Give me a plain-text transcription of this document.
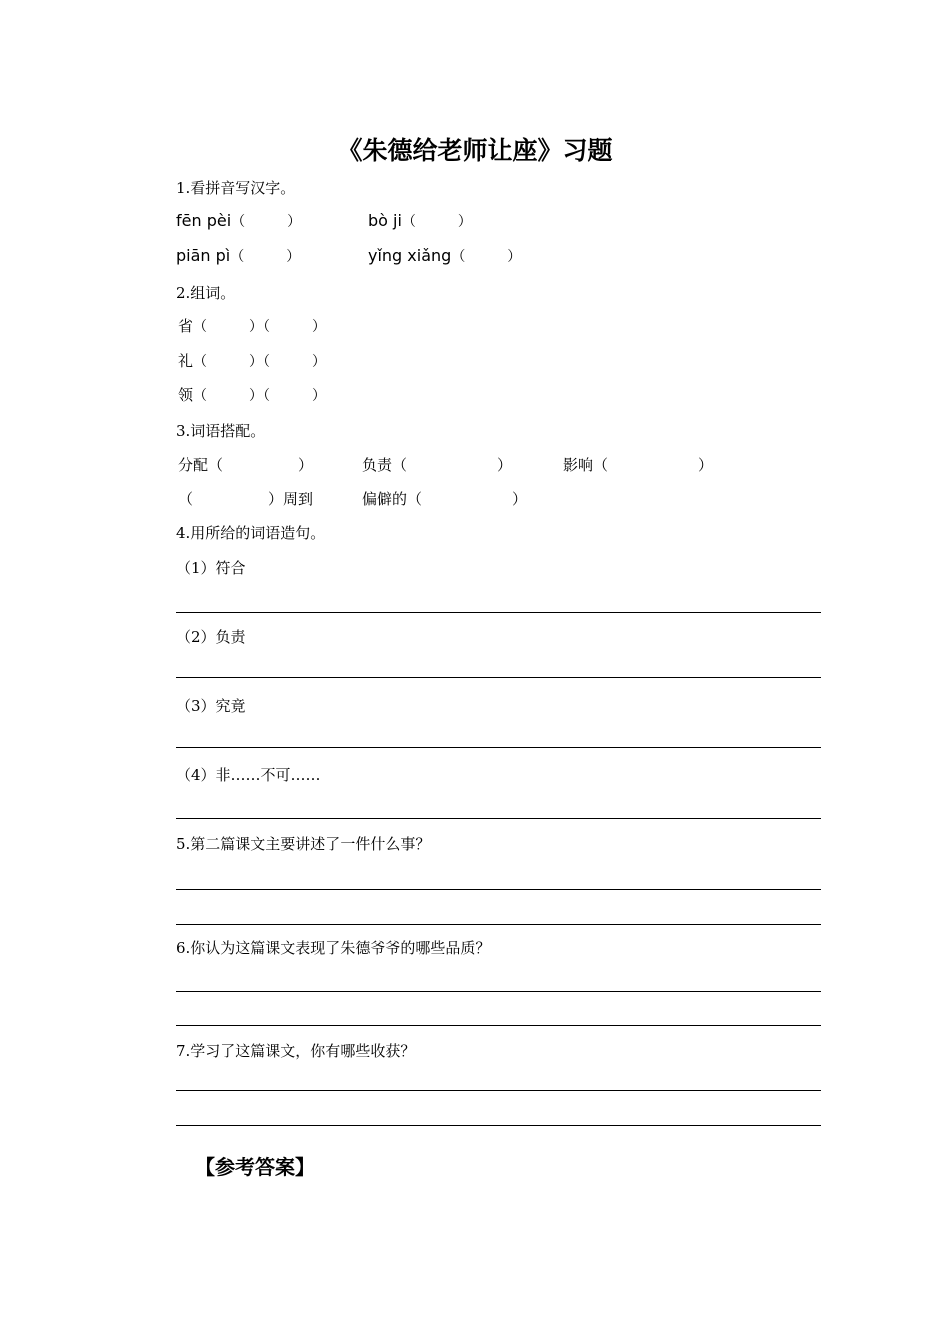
《朱德给老师让座》习题
1.看拼音写汉字。
fēn pèi（　　　）	bò ji（　　　）
piān pì（　　　）	yǐng xiǎng（　　　）
2.组词。
省（　　　）（　　　）
礼（　　　）（　　　）
领（　　　）（　　　）
3.词语搭配。
分配（　　　　　）	负责（　　　　　　）	影响（　　　　　　）
（　　　　　）周到	偏僻的（　　　　　　）
4.用所给的词语造句。
（1）符合
（2）负责
（3）究竟
（4）非……不可……
5.第二篇课文主要讲述了一件什么事？
6.你认为这篇课文表现了朱德爷爷的哪些品质？
7.学习了这篇课文，你有哪些收获？
【参考答案】
